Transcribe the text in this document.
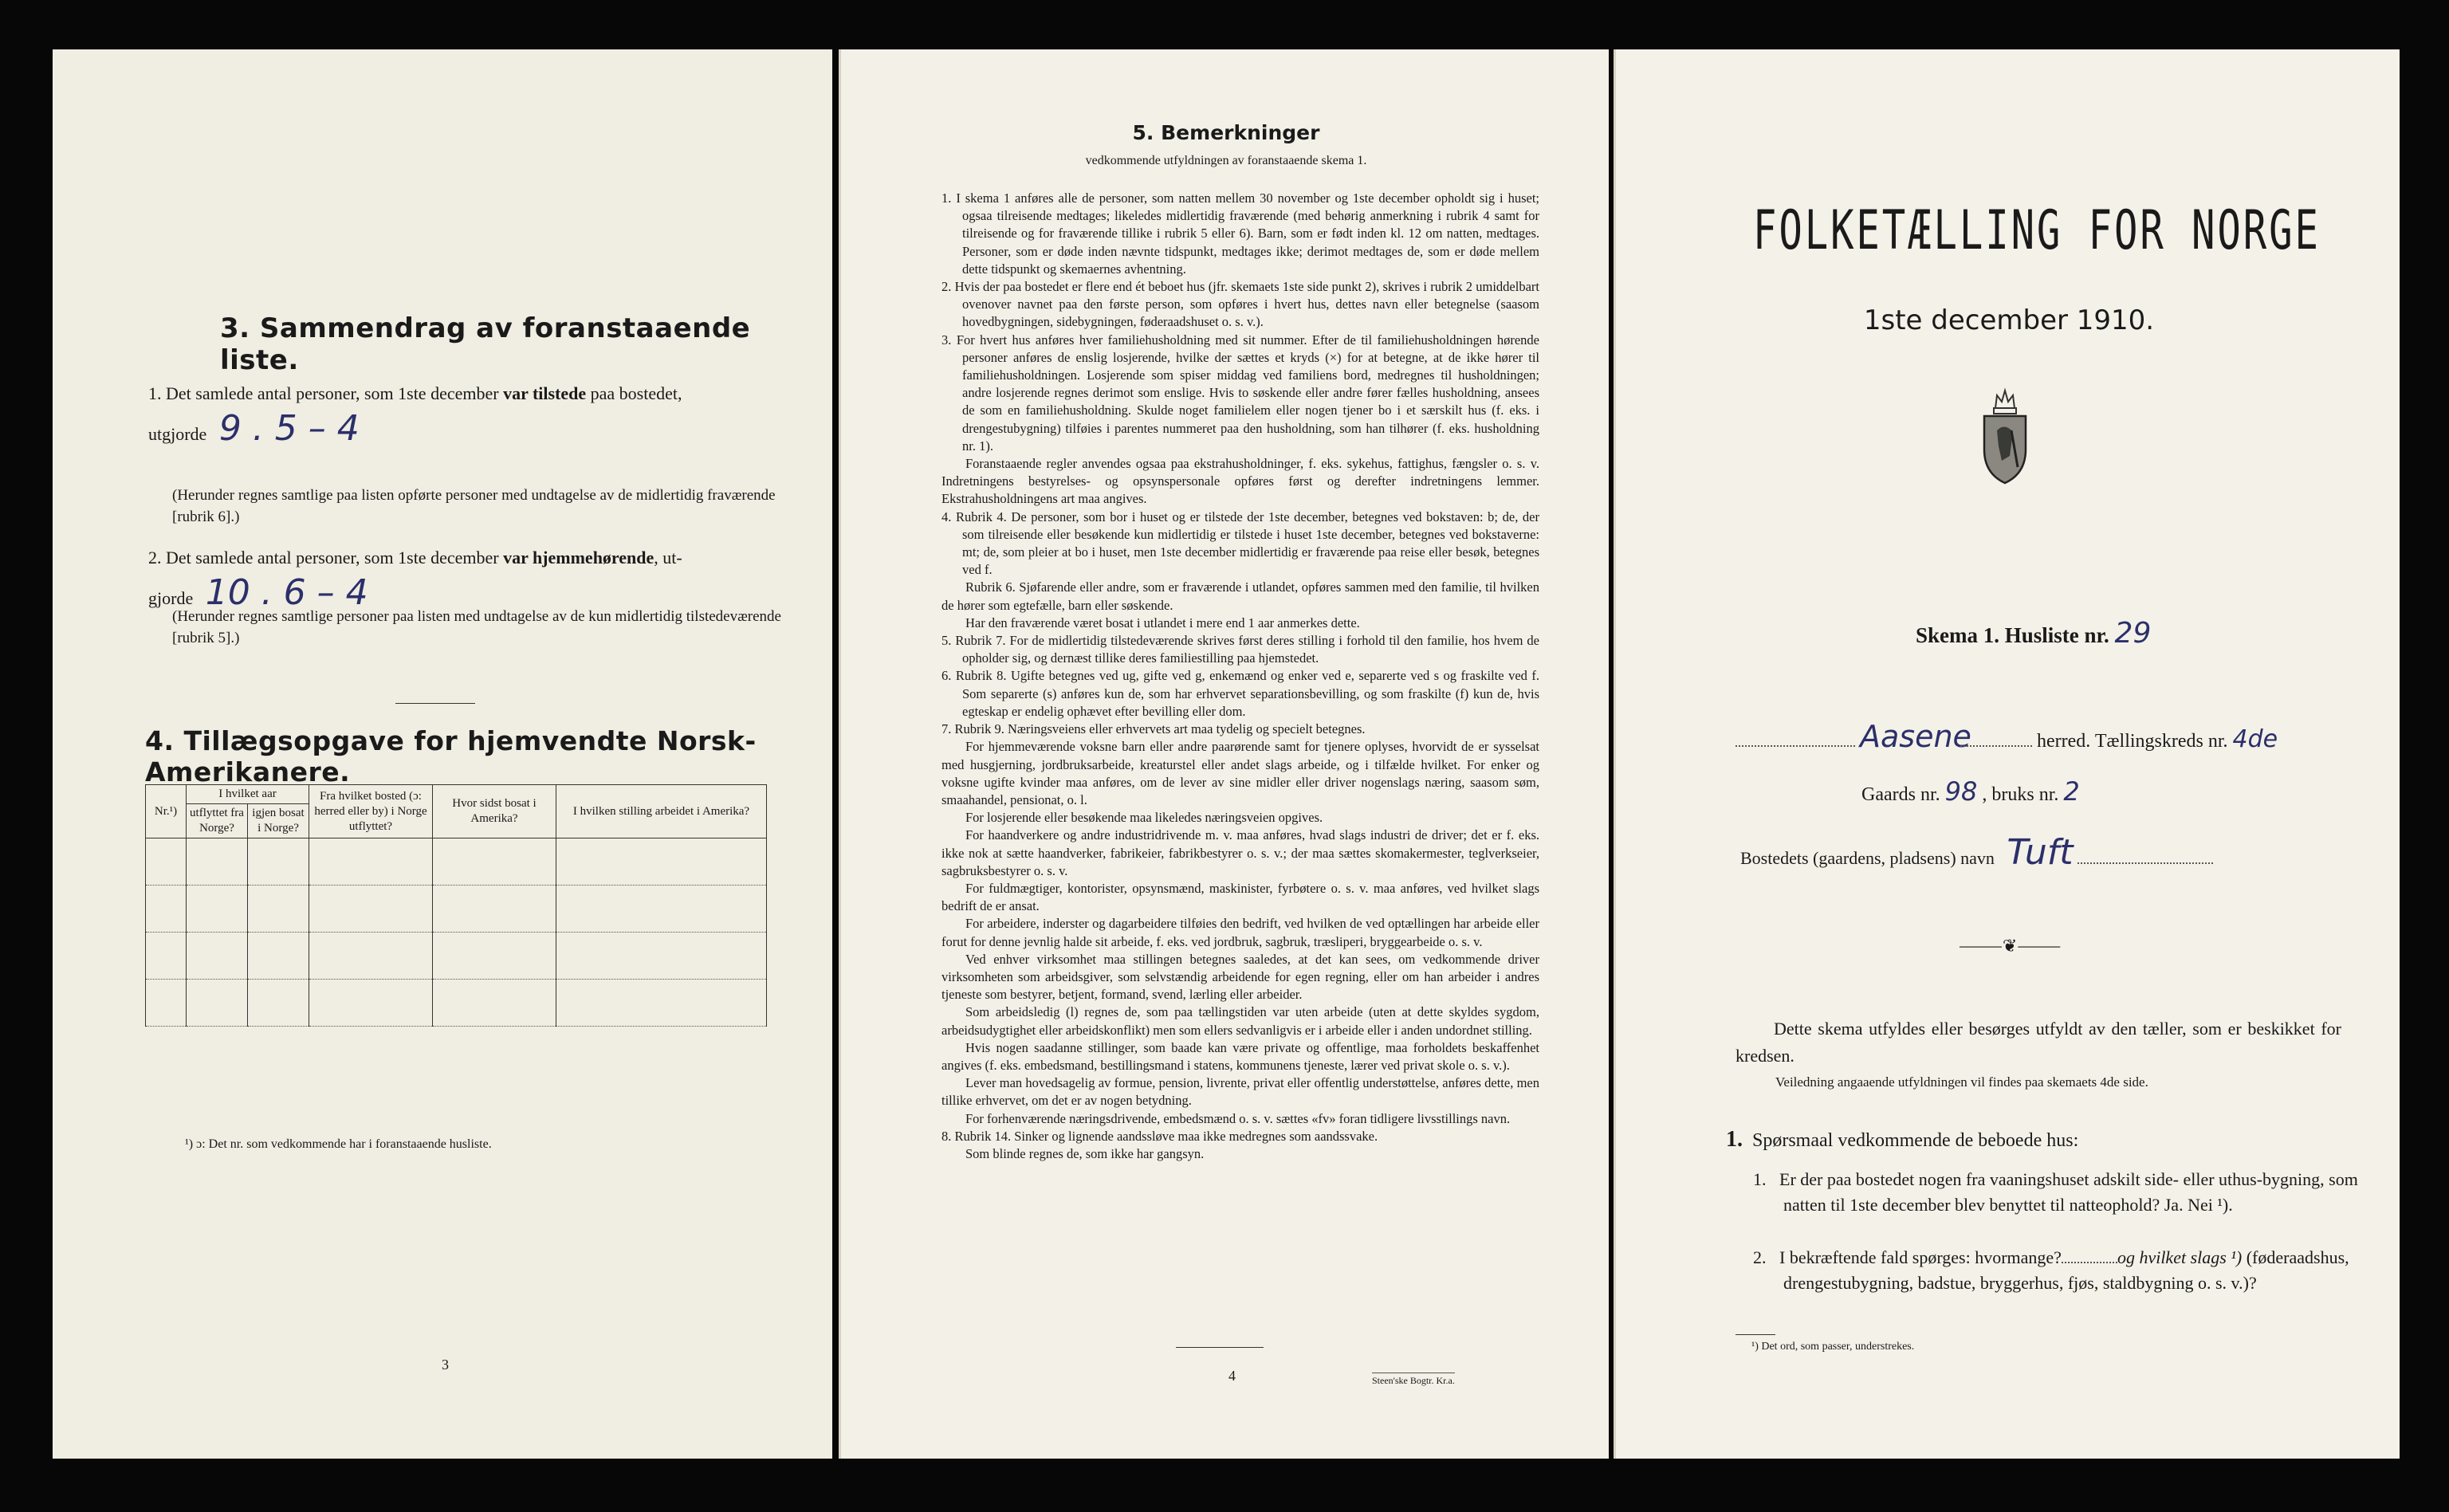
3. Sammendrag av foranstaaende liste.
1. Det samlede antal personer, som 1ste december var tilstede paa bostedet,
utgjorde 9 . 5 – 4
(Herunder regnes samtlige paa listen opførte personer med undtagelse av de midlertidig fraværende [rubrik 6].)
2. Det samlede antal personer, som 1ste december var hjemmehørende, ut-
gjorde 10 . 6 – 4
(Herunder regnes samtlige personer paa listen med undtagelse av de kun midlertidig tilstedeværende [rubrik 5].)
4. Tillægsopgave for hjemvendte Norsk-Amerikanere.
Nr.¹)	I hvilket aar		Fra hvilket bosted (ɔ: herred eller by) i Norge utflyttet?	Hvor sidst bosat i Amerika?	I hvilken stilling arbeidet i Amerika?
	utflyttet fra Norge?	igjen bosat i Norge?			

¹) ɔ: Det nr. som vedkommende har i foranstaaende husliste.
3
5. Bemerkninger
vedkommende utfyldningen av foranstaaende skema 1.

1. I skema 1 anføres alle de personer, som natten mellem 30 november og 1ste december opholdt sig i huset; ogsaa tilreisende medtages; likeledes midlertidig fraværende (med behørig anmerkning i rubrik 4 samt for tilreisende og for fraværende tillike i rubrik 5 eller 6). Barn, som er født inden kl. 12 om natten, medtages. Personer, som er døde inden nævnte tidspunkt, medtages ikke; derimot medtages de, som er døde mellem dette tidspunkt og skemaernes avhentning.

2. Hvis der paa bostedet er flere end ét beboet hus (jfr. skemaets 1ste side punkt 2), skrives i rubrik 2 umiddelbart ovenover navnet paa den første person, som opføres i hvert hus, dettes navn eller betegnelse (saasom hovedbygningen, sidebygningen, føderaadshuset o. s. v.).

3. For hvert hus anføres hver familiehusholdning med sit nummer. Efter de til familiehusholdningen hørende personer anføres de enslig losjerende, hvilke der sættes et kryds (×) for at betegne, at de ikke hører til familiehusholdningen. Losjerende som spiser middag ved familiens bord, medregnes til husholdningen; andre losjerende regnes derimot som enslige. Hvis to søskende eller andre fører fælles husholdning, ansees de som en familiehusholdning. Skulde noget familielem eller nogen tjener bo i et særskilt hus (f. eks. i drengestubygning) tilføies i parentes nummeret paa den husholdning, som han tilhører (f. eks. husholdning nr. 1).

Foranstaaende regler anvendes ogsaa paa ekstrahusholdninger, f. eks. sykehus, fattighus, fængsler o. s. v. Indretningens bestyrelses- og opsynspersonale opføres først og derefter indretningens lemmer. Ekstrahusholdningens art maa angives.

4. Rubrik 4. De personer, som bor i huset og er tilstede der 1ste december, betegnes ved bokstaven: b; de, der som tilreisende eller besøkende kun midlertidig er tilstede i huset 1ste december, betegnes ved bokstaverne: mt; de, som pleier at bo i huset, men 1ste december midlertidig er fraværende paa reise eller besøk, betegnes ved f.

Rubrik 6. Sjøfarende eller andre, som er fraværende i utlandet, opføres sammen med den familie, til hvilken de hører som egtefælle, barn eller søskende.

Har den fraværende været bosat i utlandet i mere end 1 aar anmerkes dette.

5. Rubrik 7. For de midlertidig tilstedeværende skrives først deres stilling i forhold til den familie, hos hvem de opholder sig, og dernæst tillike deres familiestilling paa hjemstedet.

6. Rubrik 8. Ugifte betegnes ved ug, gifte ved g, enkemænd og enker ved e, separerte ved s og fraskilte ved f. Som separerte (s) anføres kun de, som har erhvervet separationsbevilling, og som fraskilte (f) kun de, hvis egteskap er endelig ophævet efter bevilling eller dom.

7. Rubrik 9. Næringsveiens eller erhvervets art maa tydelig og specielt betegnes.

For hjemmeværende voksne barn eller andre paarørende samt for tjenere oplyses, hvorvidt de er sysselsat med husgjerning, jordbruksarbeide, kreaturstel eller andet slags arbeide, og i tilfælde hvilket. For enker og voksne ugifte kvinder maa anføres, om de lever av sine midler eller driver nogenslags næring, saasom søm, smaahandel, pensionat, o. l.

For losjerende eller besøkende maa likeledes næringsveien opgives.

For haandverkere og andre industridrivende m. v. maa anføres, hvad slags industri de driver; det er f. eks. ikke nok at sætte haandverker, fabrikeier, fabrikbestyrer o. s. v.; der maa sættes skomakermester, teglverkseier, sagbruksbestyrer o. s. v.

For fuldmægtiger, kontorister, opsynsmænd, maskinister, fyrbøtere o. s. v. maa anføres, ved hvilket slags bedrift de er ansat.

For arbeidere, inderster og dagarbeidere tilføies den bedrift, ved hvilken de ved optællingen har arbeide eller forut for denne jevnlig halde sit arbeide, f. eks. ved jordbruk, sagbruk, træsliperi, bryggearbeide o. s. v.

Ved enhver virksomhet maa stillingen betegnes saaledes, at det kan sees, om vedkommende driver virksomheten som arbeidsgiver, som selvstændig arbeidende for egen regning, eller om han arbeider i andres tjeneste som bestyrer, betjent, formand, svend, lærling eller arbeider.

Som arbeidsledig (l) regnes de, som paa tællingstiden var uten arbeide (uten at dette skyldes sygdom, arbeidsudygtighet eller arbeidskonflikt) men som ellers sedvanligvis er i arbeide eller i anden undordnet stilling.

Hvis nogen saadanne stillinger, som baade kan være private og offentlige, maa forholdets beskaffenhet angives (f. eks. embedsmand, bestillingsmand i statens, kommunens tjeneste, lærer ved privat skole o. s. v.).

Lever man hovedsagelig av formue, pension, livrente, privat eller offentlig understøttelse, anføres dette, men tillike erhvervet, om det er av nogen betydning.

For forhenværende næringsdrivende, embedsmænd o. s. v. sættes «fv» foran tidligere livsstillings navn.

8. Rubrik 14. Sinker og lignende aandssløve maa ikke medregnes som aandssvake.

Som blinde regnes de, som ikke har gangsyn.

4	Steen'ske Bogtr. Kr.a.
FOLKETÆLLING FOR NORGE
1ste december 1910.
Skema 1. Husliste nr. 29
Aasene	herred. Tællingskreds nr. 4de
Gaards nr. 98 , bruks nr. 2
Bostedets (gaardens, pladsens) navn Tuft
⸻❦⸻
Dette skema utfyldes eller besørges utfyldt av den tæller, som er beskikket for kredsen.
Veiledning angaaende utfyldningen vil findes paa skemaets 4de side.
1. Spørsmaal vedkommende de beboede hus:
1.   Er der paa bostedet nogen fra vaaningshuset adskilt side- eller uthus-bygning, som natten til 1ste december blev benyttet til natteophold? Ja. Nei ¹).
2.   I bekræftende fald spørges: hvormange?	og hvilket slags ¹) (føderaadshus, drengestubygning, badstue, bryggerhus, fjøs, staldbygning o. s. v.)?
¹) Det ord, som passer, understrekes.
